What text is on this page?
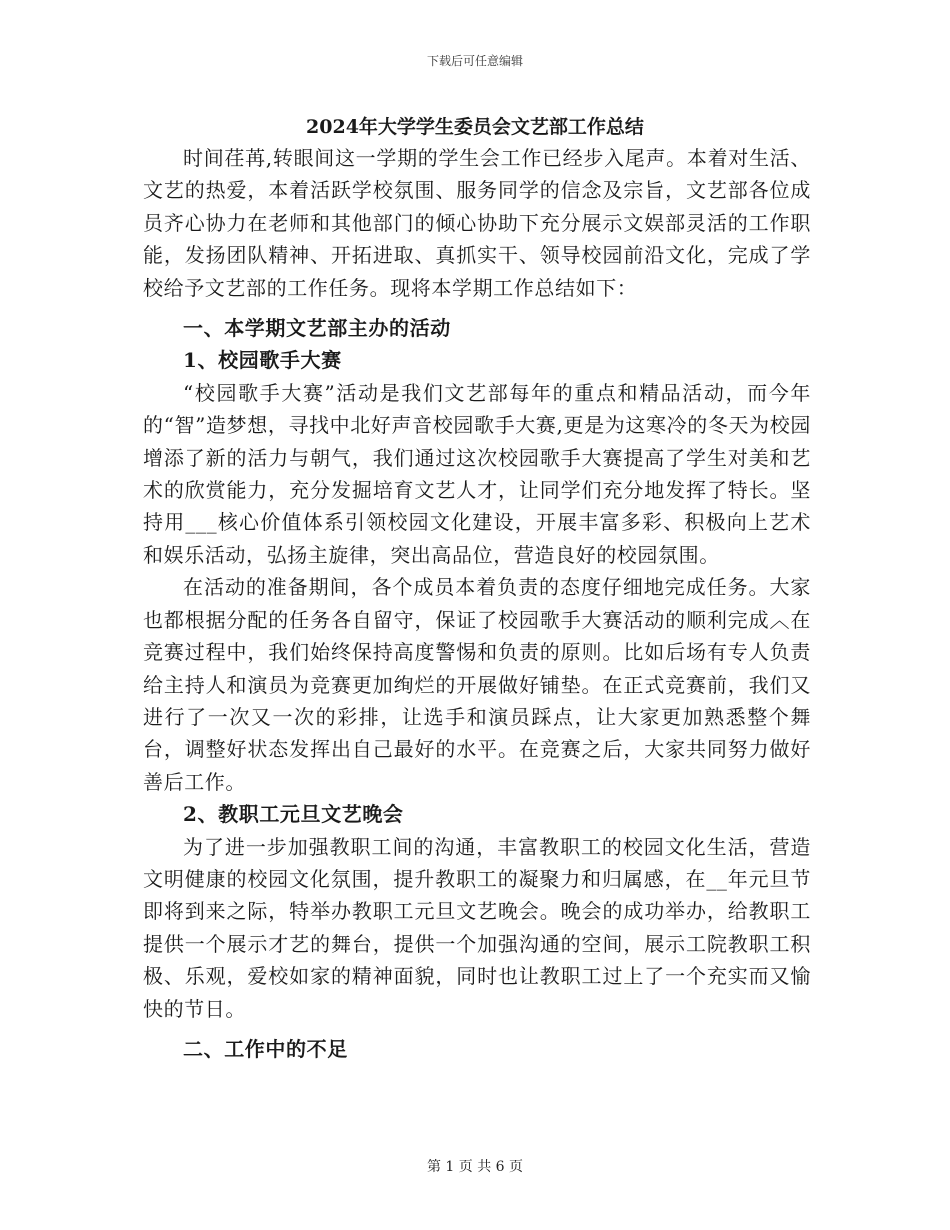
下载后可任意编辑
2024年大学学生委员会文艺部工作总结

时间荏苒,转眼间这一学期的学生会工作已经步入尾声。本着对生活、文艺的热爱，本着活跃学校氛围、服务同学的信念及宗旨，文艺部各位成员齐心协力在老师和其他部门的倾心协助下充分展示文娱部灵活的工作职能，发扬团队精神、开拓进取、真抓实干、领导校园前沿文化，完成了学校给予文艺部的工作任务。现将本学期工作总结如下：

一、本学期文艺部主办的活动

1、校园歌手大赛

“校园歌手大赛”活动是我们文艺部每年的重点和精品活动，而今年的“智”造梦想，寻找中北好声音校园歌手大赛,更是为这寒冷的冬天为校园增添了新的活力与朝气，我们通过这次校园歌手大赛提高了学生对美和艺术的欣赏能力，充分发掘培育文艺人才，让同学们充分地发挥了特长。坚持用___核心价值体系引领校园文化建设，开展丰富多彩、积极向上艺术和娱乐活动，弘扬主旋律，突出高品位，营造良好的校园氛围。

在活动的准备期间，各个成员本着负责的态度仔细地完成任务。大家也都根据分配的任务各自留守，保证了校园歌手大赛活动的顺利完成︿在竞赛过程中，我们始终保持高度警惕和负责的原则。比如后场有专人负责给主持人和演员为竞赛更加绚烂的开展做好铺垫。在正式竞赛前，我们又进行了一次又一次的彩排，让选手和演员踩点，让大家更加熟悉整个舞台，调整好状态发挥出自己最好的水平。在竞赛之后，大家共同努力做好善后工作。

2、教职工元旦文艺晚会

为了进一步加强教职工间的沟通，丰富教职工的校园文化生活，营造文明健康的校园文化氛围，提升教职工的凝聚力和归属感，在__年元旦节即将到来之际，特举办教职工元旦文艺晚会。晚会的成功举办，给教职工提供一个展示才艺的舞台，提供一个加强沟通的空间，展示工院教职工积极、乐观，爱校如家的精神面貌，同时也让教职工过上了一个充实而又愉快的节日。

二、工作中的不足

第 1 页 共 6 页
